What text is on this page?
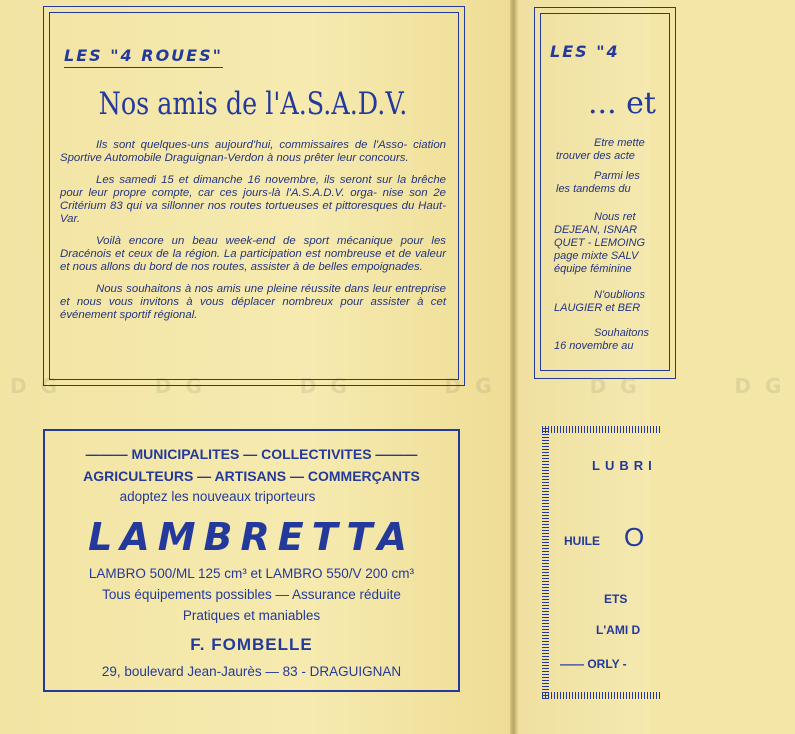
LES "4
... et
Etre mette
trouver des acte
Parmi les
les tandems du
Nous ret
DEJEAN, ISNAR
QUET - LEMOING
page mixte SALV
équipe féminine
N'oublions
LAUGIER et BER
Souhaitons
16 novembre au
LUBRI
HUILE O
ETS
L'AMI D
—— ORLY -
DG	DG	DG	DG	DG	DG
LES "4 ROUES"
Nos amis de l'A.S.A.D.V.

Ils sont quelques-uns aujourd'hui, commissaires de l'Asso- ciation Sportive Automobile Draguignan-Verdon à nous prêter leur concours.

Les samedi 15 et dimanche 16 novembre, ils seront sur la brêche pour leur propre compte, car ces jours-là l'A.S.A.D.V. orga- nise son 2e Critérium 83 qui va sillonner nos routes tortueuses et pittoresques du Haut-Var.

Voilà encore un beau week-end de sport mécanique pour les Dracénois et ceux de la région. La participation est nombreuse et de valeur et nous allons du bord de nos routes, assister à de belles empoignades.

Nous souhaitons à nos amis une pleine réussite dans leur entreprise et nous vous invitons à vous déplacer nombreux pour assister à cet événement sportif régional.

——— MUNICIPALITES — COLLECTIVITES ———
AGRICULTEURS — ARTISANS — COMMERÇANTS
adoptez les nouveaux triporteurs
LAMBRETTA
LAMBRO 500/ML 125 cm³ et LAMBRO 550/V 200 cm³
Tous équipements possibles — Assurance réduite
Pratiques et maniables
F. FOMBELLE
29, boulevard Jean-Jaurès — 83 - DRAGUIGNAN
